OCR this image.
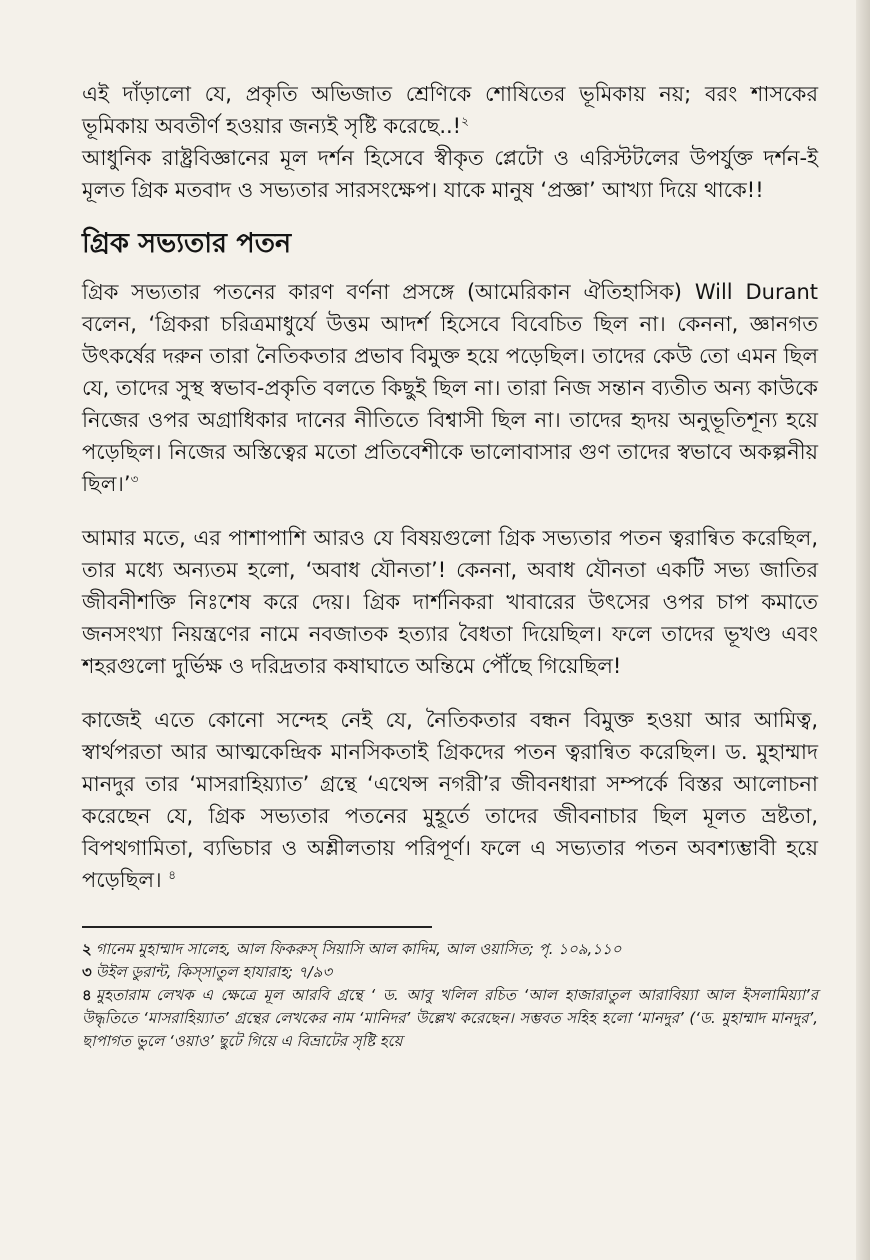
এই দাঁড়ালো যে, প্রকৃতি অভিজাত শ্রেণিকে শোষিতের ভূমিকায় নয়; বরং শাসকের ভূমিকায় অবতীর্ণ হওয়ার জন্যই সৃষ্টি করেছে..!$^২$

আধুনিক রাষ্ট্রবিজ্ঞানের মূল দর্শন হিসেবে স্বীকৃত প্লেটো ও এরিস্টটলের উপর্যুক্ত দর্শন-ই মূলত গ্রিক মতবাদ ও সভ্যতার সারসংক্ষেপ। যাকে মানুষ ‘প্রজ্ঞা’ আখ্যা দিয়ে থাকে!!

গ্রিক সভ্যতার পতন

গ্রিক সভ্যতার পতনের কারণ বর্ণনা প্রসঙ্গে (আমেরিকান ঐতিহাসিক) Will Durant বলেন, ‘গ্রিকরা চরিত্রমাধুর্যে উত্তম আদর্শ হিসেবে বিবেচিত ছিল না। কেননা, জ্ঞানগত উৎকর্ষের দরুন তারা নৈতিকতার প্রভাব বিমুক্ত হয়ে পড়েছিল। তাদের কেউ তো এমন ছিল যে, তাদের সুস্থ স্বভাব-প্রকৃতি বলতে কিছুই ছিল না। তারা নিজ সন্তান ব্যতীত অন্য কাউকে নিজের ওপর অগ্রাধিকার দানের নীতিতে বিশ্বাসী ছিল না। তাদের হৃদয় অনুভূতিশূন্য হয়ে পড়েছিল। নিজের অস্তিত্বের মতো প্রতিবেশীকে ভালোবাসার গুণ তাদের স্বভাবে অকল্পনীয় ছিল।’$^৩$

আমার মতে, এর পাশাপাশি আরও যে বিষয়গুলো গ্রিক সভ্যতার পতন ত্বরান্বিত করেছিল, তার মধ্যে অন্যতম হলো, ‘অবাধ যৌনতা’! কেননা, অবাধ যৌনতা একটি সভ্য জাতির জীবনীশক্তি নিঃশেষ করে দেয়। গ্রিক দার্শনিকরা খাবারের উৎসের ওপর চাপ কমাতে জনসংখ্যা নিয়ন্ত্রণের নামে নবজাতক হত্যার বৈধতা দিয়েছিল। ফলে তাদের ভূখণ্ড এবং শহরগুলো দুর্ভিক্ষ ও দরিদ্রতার কষাঘাতে অন্তিমে পৌঁছে গিয়েছিল!

কাজেই এতে কোনো সন্দেহ নেই যে, নৈতিকতার বন্ধন বিমুক্ত হওয়া আর আমিত্ব, স্বার্থপরতা আর আত্মকেন্দ্রিক মানসিকতাই গ্রিকদের পতন ত্বরান্বিত করেছিল। ড. মুহাম্মাদ মানদুর তার ‘মাসরাহিয়্যাত’ গ্রন্থে ‘এথেন্স নগরী’র জীবনধারা সম্পর্কে বিস্তর আলোচনা করেছেন যে, গ্রিক সভ্যতার পতনের মুহূর্তে তাদের জীবনাচার ছিল মূলত ভ্রষ্টতা, বিপথগামিতা, ব্যভিচার ও অশ্লীলতায় পরিপূর্ণ। ফলে এ সভ্যতার পতন অবশ্যম্ভাবী হয়ে পড়েছিল। $^৪$

২ গানেম মুহাম্মাদ সালেহ, আল ফিকরুস্ সিয়াসি আল কাদিম, আল ওয়াসিত; পৃ. ১০৯,১১০

৩ উইল ডুরান্ট, কিস্সাতুল হাযারাহ; ৭/৯৩

৪ মুহতারাম লেখক এ ক্ষেত্রে মূল আরবি গ্রন্থে ‘ ড. আবু খলিল রচিত ‘আল হাজারাতুল আরাবিয়্যা আল ইসলামিয়্যা’র উদ্ধৃতিতে ‘মাসরাহিয়্যাত’ গ্রন্থের লেখকের নাম ‘মানিদর’ উল্লেখ করেছেন। সম্ভবত সহিহ হলো ‘মানদুর’ (‘ড. মুহাম্মাদ মানদুর’, ছাপাগত ভুলে ‘ওয়াও’ ছুটে গিয়ে এ বিভ্রাটের সৃষ্টি হয়ে
